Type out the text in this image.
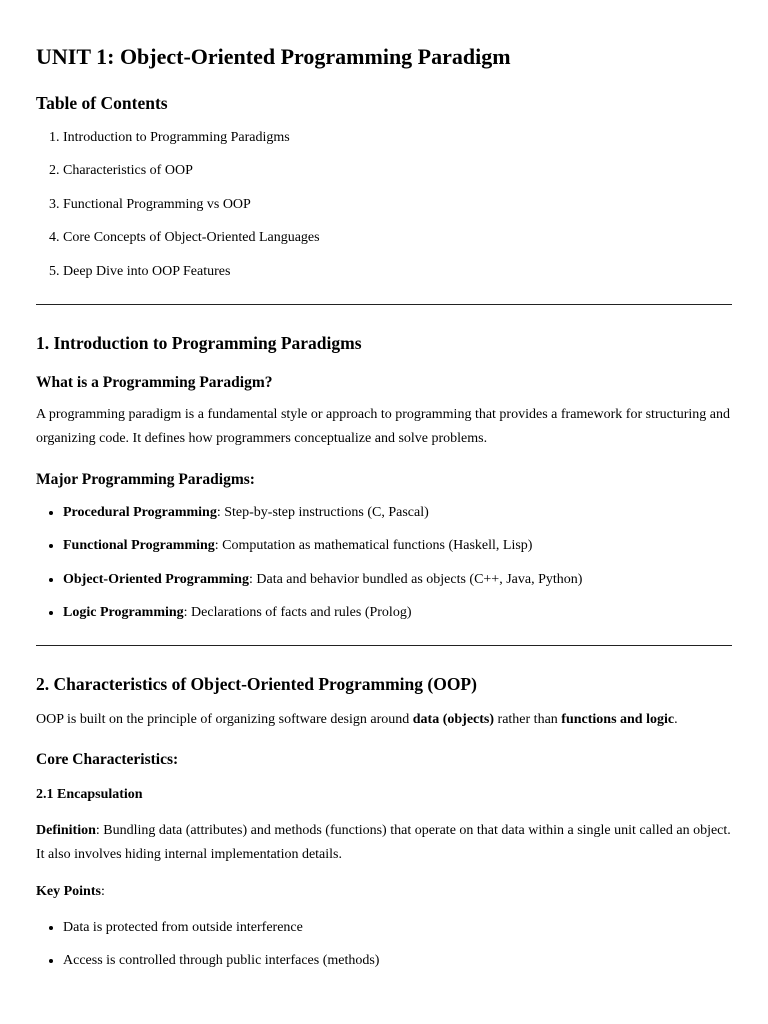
UNIT 1: Object-Oriented Programming Paradigm
Table of Contents
1. Introduction to Programming Paradigms
2. Characteristics of OOP
3. Functional Programming vs OOP
4. Core Concepts of Object-Oriented Languages
5. Deep Dive into OOP Features
1. Introduction to Programming Paradigms
What is a Programming Paradigm?

A programming paradigm is a fundamental style or approach to programming that provides a framework for structuring and organizing code. It defines how programmers conceptualize and solve problems.

Major Programming Paradigms:
• Procedural Programming: Step-by-step instructions (C, Pascal)
• Functional Programming: Computation as mathematical functions (Haskell, Lisp)
• Object-Oriented Programming: Data and behavior bundled as objects (C++, Java, Python)
• Logic Programming: Declarations of facts and rules (Prolog)
2. Characteristics of Object-Oriented Programming (OOP)

OOP is built on the principle of organizing software design around data (objects) rather than functions and logic.

Core Characteristics:
2.1 Encapsulation

Definition: Bundling data (attributes) and methods (functions) that operate on that data within a single unit called an object. It also involves hiding internal implementation details.

Key Points:

• Data is protected from outside interference
• Access is controlled through public interfaces (methods)
